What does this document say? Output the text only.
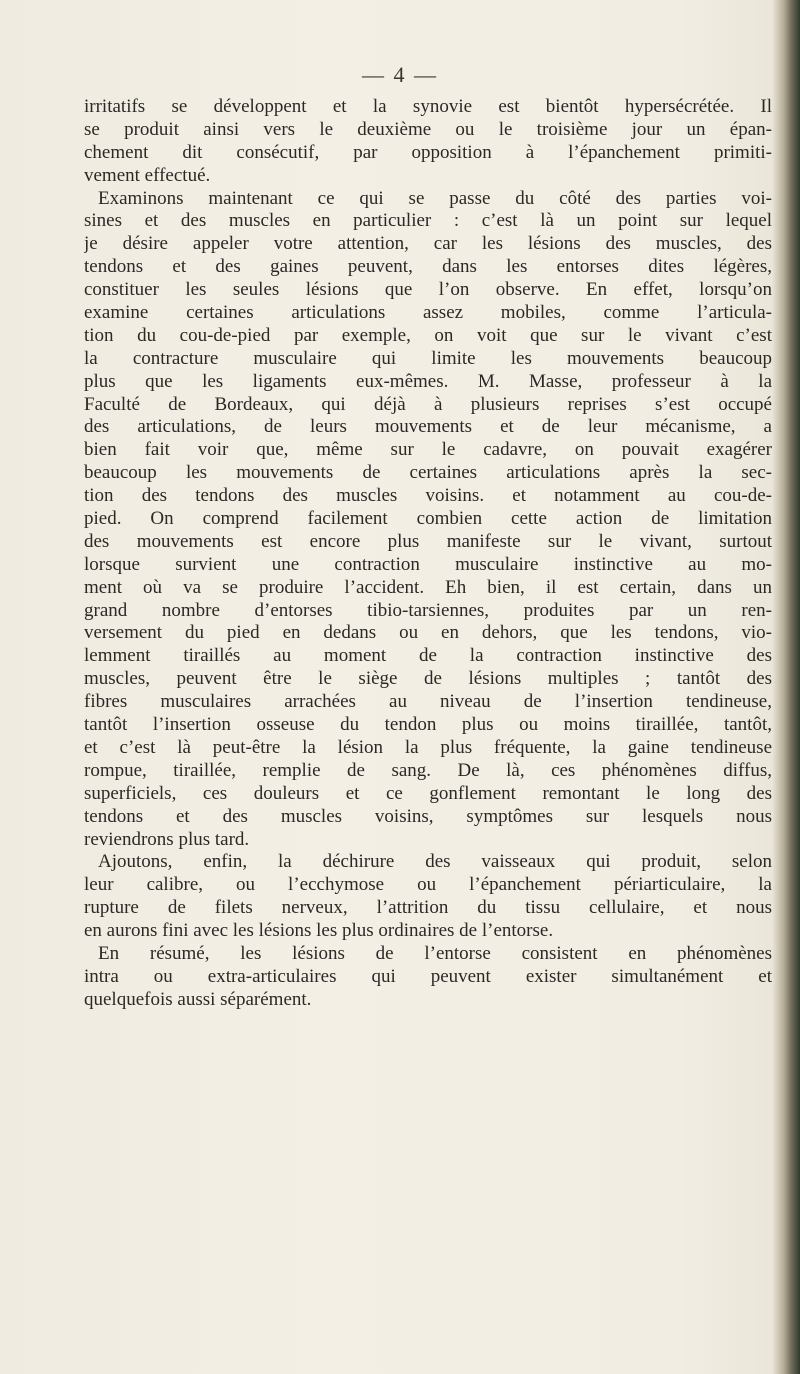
— 4 —
irritatifs se développent et la synovie est bientôt hypersécrétée. Il
se produit ainsi vers le deuxième ou le troisième jour un épan-
chement dit consécutif, par opposition à l’épanchement primiti-
vement effectué.
Examinons maintenant ce qui se passe du côté des parties voi-
sines et des muscles en particulier : c’est là un point sur lequel
je désire appeler votre attention, car les lésions des muscles, des
tendons et des gaines peuvent, dans les entorses dites légères,
constituer les seules lésions que l’on observe. En effet, lorsqu’on
examine certaines articulations assez mobiles, comme l’articula-
tion du cou-de-pied par exemple, on voit que sur le vivant c’est
la contracture musculaire qui limite les mouvements beaucoup
plus que les ligaments eux-mêmes. M. Masse, professeur à la
Faculté de Bordeaux, qui déjà à plusieurs reprises s’est occupé
des articulations, de leurs mouvements et de leur mécanisme, a
bien fait voir que, même sur le cadavre, on pouvait exagérer
beaucoup les mouvements de certaines articulations après la sec-
tion des tendons des muscles voisins. et notamment au cou-de-
pied. On comprend facilement combien cette action de limitation
des mouvements est encore plus manifeste sur le vivant, surtout
lorsque survient une contraction musculaire instinctive au mo-
ment où va se produire l’accident. Eh bien, il est certain, dans un
grand nombre d’entorses tibio-tarsiennes, produites par un ren-
versement du pied en dedans ou en dehors, que les tendons, vio-
lemment tiraillés au moment de la contraction instinctive des
muscles, peuvent être le siège de lésions multiples ; tantôt des
fibres musculaires arrachées au niveau de l’insertion tendineuse,
tantôt l’insertion osseuse du tendon plus ou moins tiraillée, tantôt,
et c’est là peut-être la lésion la plus fréquente, la gaine tendineuse
rompue, tiraillée, remplie de sang. De là, ces phénomènes diffus,
superficiels, ces douleurs et ce gonflement remontant le long des
tendons et des muscles voisins, symptômes sur lesquels nous
reviendrons plus tard.
Ajoutons, enfin, la déchirure des vaisseaux qui produit, selon
leur calibre, ou l’ecchymose ou l’épanchement périarticulaire, la
rupture de filets nerveux, l’attrition du tissu cellulaire, et nous
en aurons fini avec les lésions les plus ordinaires de l’entorse.
En résumé, les lésions de l’entorse consistent en phénomènes
intra ou extra-articulaires qui peuvent exister simultanément et
quelquefois aussi séparément.
